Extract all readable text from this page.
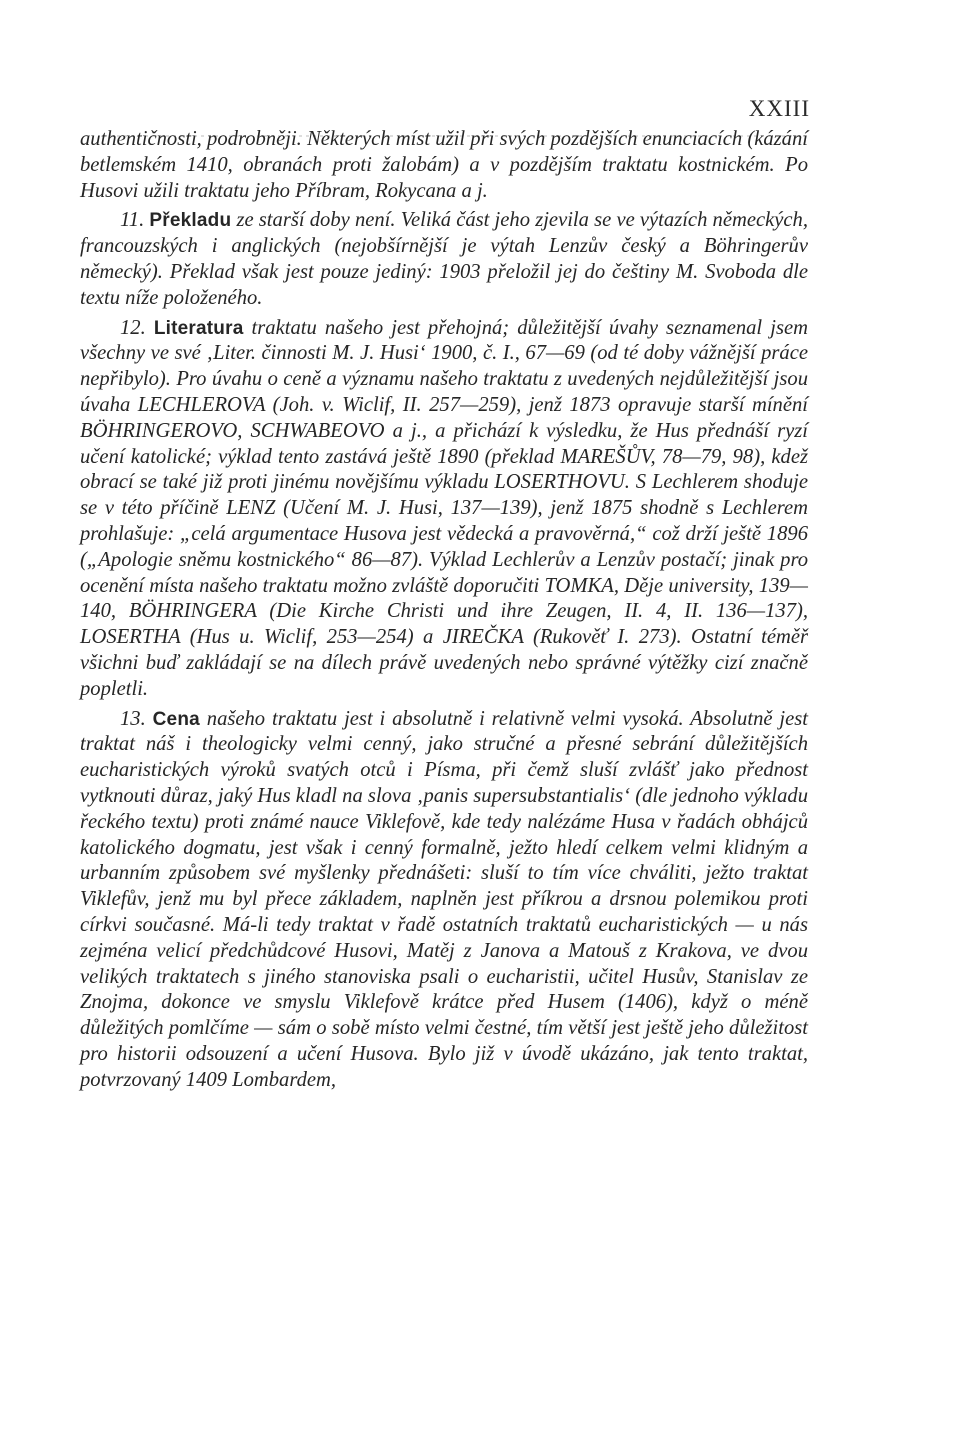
XXIII

authentičnosti, podrobněji. Některých míst užil při svých pozdějších enunciacích (kázání betlemském 1410, obranách proti žalobám) a v pozdějším traktatu kostnickém. Po Husovi užili traktatu jeho Příbram, Rokycana a j.

11. Překladu ze starší doby není. Veliká část jeho zjevila se ve výtazích německých, francouzských i anglických (nejobšírnější je výtah Lenzův český a Böhringerův německý). Překlad však jest pouze jediný: 1903 přeložil jej do češtiny M. Svoboda dle textu níže položeného.

12. Literatura traktatu našeho jest přehojná; důležitější úvahy seznamenal jsem všechny ve své ‚Liter. činnosti M. J. Husi‘ 1900, č. I., 67—69 (od té doby vážnější práce nepřibylo). Pro úvahu o ceně a významu našeho traktatu z uvedených nejdůležitější jsou úvaha LECHLEROVA (Joh. v. Wiclif, II. 257—259), jenž 1873 opravuje starší mínění BÖHRINGEROVO, SCHWABEOVO a j., a přichází k výsledku, že Hus přednáší ryzí učení katolické; výklad tento zastává ještě 1890 (překlad MAREŠŮV, 78—79, 98), kdež obrací se také již proti jinému novějšímu výkladu LOSERTHOVU. S Lechlerem shoduje se v této příčině LENZ (Učení M. J. Husi, 137—139), jenž 1875 shodně s Lechlerem prohlašuje: „celá argumentace Husova jest vědecká a pravověrná,“ což drží ještě 1896 („Apologie sněmu kostnického“ 86—87). Výklad Lechlerův a Lenzův postačí; jinak pro ocenění místa našeho traktatu možno zvláště doporučiti TOMKA, Děje university, 139—140, BÖHRINGERA (Die Kirche Christi und ihre Zeugen, II. 4, II. 136—137), LOSERTHA (Hus u. Wiclif, 253—254) a JIREČKA (Rukověť I. 273). Ostatní téměř všichni buď zakládají se na dílech právě uvedených nebo správné výtěžky cizí značně popletli.

13. Cena našeho traktatu jest i absolutně i relativně velmi vysoká. Absolutně jest traktat náš i theologicky velmi cenný, jako stručné a přesné sebrání důležitějších eucharistických výroků svatých otců i Písma, při čemž sluší zvlášť jako přednost vytknouti důraz, jaký Hus kladl na slova ‚panis supersubstantialis‘ (dle jednoho výkladu řeckého textu) proti známé nauce Viklefově, kde tedy nalézáme Husa v řadách obhájců katolického dogmatu, jest však i cenný formalně, ježto hledí celkem velmi klidným a urbanním způsobem své myšlenky přednášeti: sluší to tím více chváliti, ježto traktat Viklefův, jenž mu byl přece základem, naplněn jest příkrou a drsnou polemikou proti církvi současné. Má-li tedy traktat v řadě ostatních traktatů eucharistických — u nás zejména velicí předchůdcové Husovi, Matěj z Janova a Matouš z Krakova, ve dvou velikých traktatech s jiného stanoviska psali o eucharistii, učitel Husův, Stanislav ze Znojma, dokonce ve smyslu Viklefově krátce před Husem (1406), když o méně důležitých pomlčíme — sám o sobě místo velmi čestné, tím větší jest ještě jeho důležitost pro historii odsouzení a učení Husova. Bylo již v úvodě ukázáno, jak tento traktat, potvrzovaný 1409 Lombardem,
